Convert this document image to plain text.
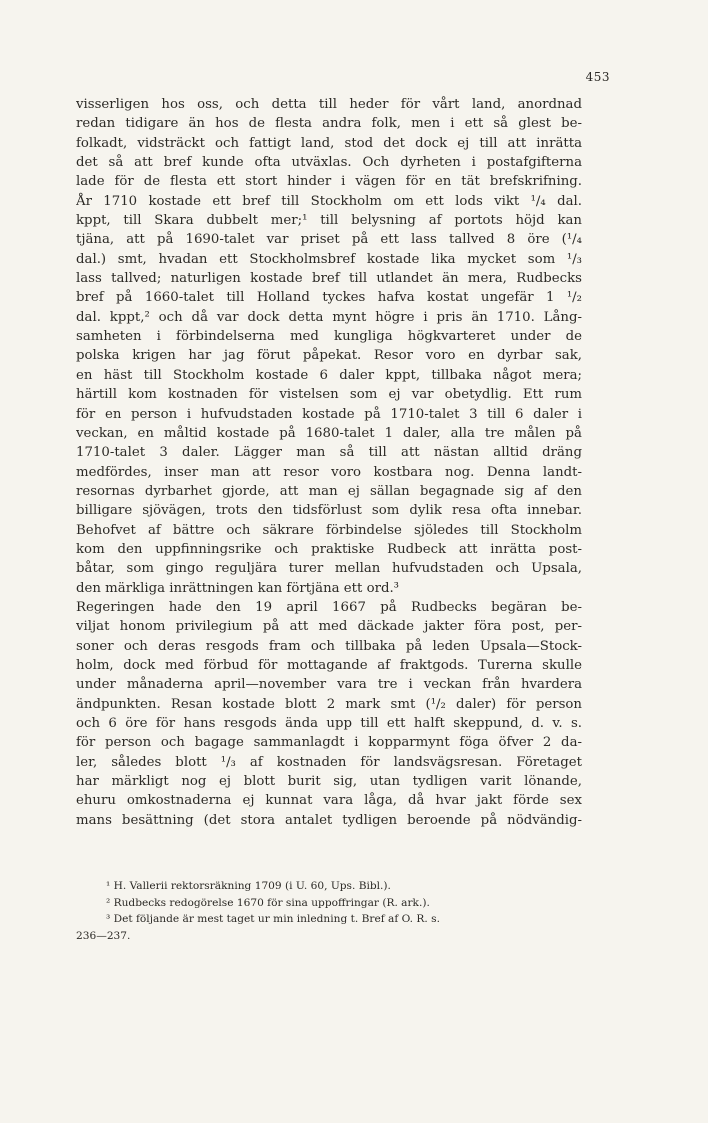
453
visserligen hos oss, och detta till heder för vårt land, anordnad
redan tidigare än hos de flesta andra folk, men i ett så glest be-
folkadt, vidsträckt och fattigt land, stod det dock ej till att inrätta
det så att bref kunde ofta utväxlas. Och dyrheten i postafgifterna
lade för de flesta ett stort hinder i vägen för en tät brefskrifning.
År 1710 kostade ett bref till Stockholm om ett lods vikt ¹/₄ dal.
kppt, till Skara dubbelt mer;¹ till belysning af portots höjd kan
tjäna, att på 1690-talet var priset på ett lass tallved 8 öre (¹/₄
dal.) smt, hvadan ett Stockholmsbref kostade lika mycket som ¹/₃
lass tallved; naturligen kostade bref till utlandet än mera, Rudbecks
bref på 1660-talet till Holland tyckes hafva kostat ungefär 1 ¹/₂
dal. kppt,² och då var dock detta mynt högre i pris än 1710. Lång-
samheten i förbindelserna med kungliga högkvarteret under de
polska krigen har jag förut påpekat. Resor voro en dyrbar sak,
en häst till Stockholm kostade 6 daler kppt, tillbaka något mera;
härtill kom kostnaden för vistelsen som ej var obetydlig. Ett rum
för en person i hufvudstaden kostade på 1710-talet 3 till 6 daler i
veckan, en måltid kostade på 1680-talet 1 daler, alla tre målen på
1710-talet 3 daler. Lägger man så till att nästan alltid dräng
medfördes, inser man att resor voro kostbara nog. Denna landt-
resornas dyrbarhet gjorde, att man ej sällan begagnade sig af den
billigare sjövägen, trots den tidsförlust som dylik resa ofta innebar.
Behofvet af bättre och säkrare förbindelse sjöledes till Stockholm
kom den uppfinningsrike och praktiske Rudbeck att inrätta post-
båtar, som gingo reguljära turer mellan hufvudstaden och Upsala,
den märkliga inrättningen kan förtjäna ett ord.³
Regeringen hade den 19 april 1667 på Rudbecks begäran be-
viljat honom privilegium på att med däckade jakter föra post, per-
soner och deras resgods fram och tillbaka på leden Upsala—Stock-
holm, dock med förbud för mottagande af fraktgods. Turerna skulle
under månaderna april—november vara tre i veckan från hvardera
ändpunkten. Resan kostade blott 2 mark smt (¹/₂ daler) för person
och 6 öre för hans resgods ända upp till ett halft skeppund, d. v. s.
för person och bagage sammanlagdt i kopparmynt föga öfver 2 da-
ler, således blott ¹/₃ af kostnaden för landsvägsresan. Företaget
har märkligt nog ej blott burit sig, utan tydligen varit lönande,
ehuru omkostnaderna ej kunnat vara låga, då hvar jakt förde sex
mans besättning (det stora antalet tydligen beroende på nödvändig-
¹ H. Vallerii rektorsräkning 1709 (i U. 60, Ups. Bibl.).
² Rudbecks redogörelse 1670 för sina uppoffringar (R. ark.).
³ Det följande är mest taget ur min inledning t. Bref af O. R. s.
236—237.
